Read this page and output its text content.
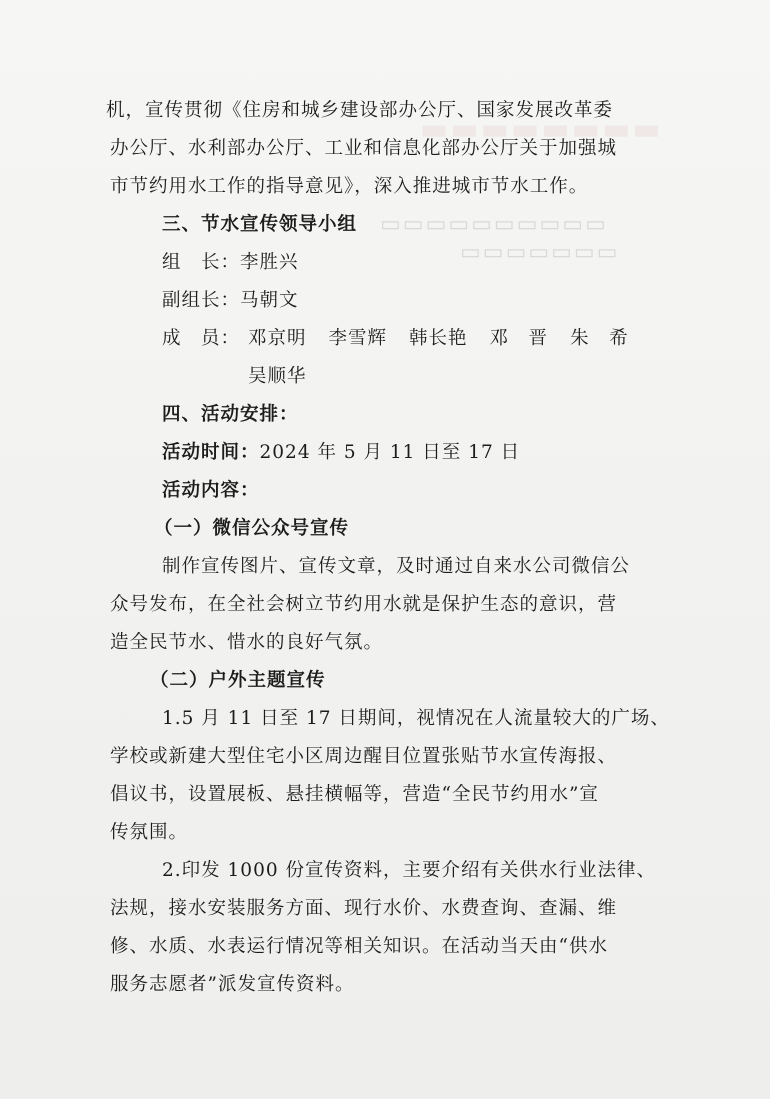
▬▬▬▬▬▬▬▬
▭▭▭▭▭▭▭▭▭▭
▭▭▭▭▭▭▭
机，宣传贯彻《住房和城乡建设部办公厅、国家发展改革委
办公厅、水利部办公厅、工业和信息化部办公厅关于加强城
市节约用水工作的指导意见》，深入推进城市节水工作。
三、节水宣传领导小组
组　长：李胜兴
副组长：马朝文
成　员： 邓京明 李雪辉 韩长艳 邓　晋 朱　希
吴顺华
四、活动安排：
活动时间：2024 年 5 月 11 日至 17 日
活动内容：
（一）微信公众号宣传
制作宣传图片、宣传文章，及时通过自来水公司微信公
众号发布，在全社会树立节约用水就是保护生态的意识，营
造全民节水、惜水的良好气氛。
（二）户外主题宣传
1.5 月 11 日至 17 日期间，视情况在人流量较大的广场、
学校或新建大型住宅小区周边醒目位置张贴节水宣传海报、
倡议书，设置展板、悬挂横幅等，营造“全民节约用水”宣
传氛围。
2.印发 1000 份宣传资料，主要介绍有关供水行业法律、
法规，接水安装服务方面、现行水价、水费查询、查漏、维
修、水质、水表运行情况等相关知识。在活动当天由“供水
服务志愿者”派发宣传资料。
